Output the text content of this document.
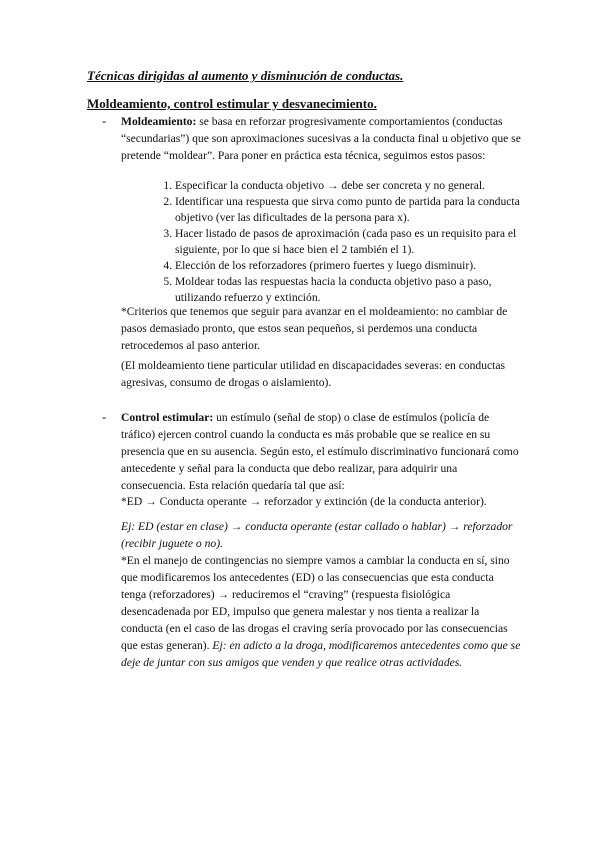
Técnicas dirigidas al aumento y disminución de conductas.
Moldeamiento, control estimular y desvanecimiento.
- Moldeamiento: se basa en reforzar progresivamente comportamientos (conductas “secundarias”) que son aproximaciones sucesivas a la conducta final u objetivo que se pretende “moldear”. Para poner en práctica esta técnica, seguimos estos pasos:
1. Especificar la conducta objetivo → debe ser concreta y no general.
2. Identificar una respuesta que sirva como punto de partida para la conducta objetivo (ver las dificultades de la persona para x).
3. Hacer listado de pasos de aproximación (cada paso es un requisito para el siguiente, por lo que si hace bien el 2 también el 1).
4. Elección de los reforzadores (primero fuertes y luego disminuir).
5. Moldear todas las respuestas hacia la conducta objetivo paso a paso, utilizando refuerzo y extinción.
*Criterios que tenemos que seguir para avanzar en el moldeamiento: no cambiar de pasos demasiado pronto, que estos sean pequeños, si perdemos una conducta retrocedemos al paso anterior.
(El moldeamiento tiene particular utilidad en discapacidades severas: en conductas agresivas, consumo de drogas o aislamiento).
- Control estimular: un estímulo (señal de stop) o clase de estímulos (policía de tráfico) ejercen control cuando la conducta es más probable que se realice en su presencia que en su ausencia. Según esto, el estímulo discriminativo funcionará como antecedente y señal para la conducta que debo realizar, para adquirir una consecuencia. Esta relación quedaría tal que así:
*ED → Conducta operante → reforzador y extinción (de la conducta anterior).
Ej: ED (estar en clase) → conducta operante (estar callado o hablar) → reforzador (recibir juguete o no).
*En el manejo de contingencias no siempre vamos a cambiar la conducta en sí, sino que modificaremos los antecedentes (ED) o las consecuencias que esta conducta tenga (reforzadores) → reduciremos el “craving” (respuesta fisiológica desencadenada por ED, impulso que genera malestar y nos tienta a realizar la conducta (en el caso de las drogas el craving sería provocado por las consecuencias que estas generan). Ej: en adicto a la droga, modificaremos antecedentes como que se deje de juntar con sus amigos que venden y que realice otras actividades.
